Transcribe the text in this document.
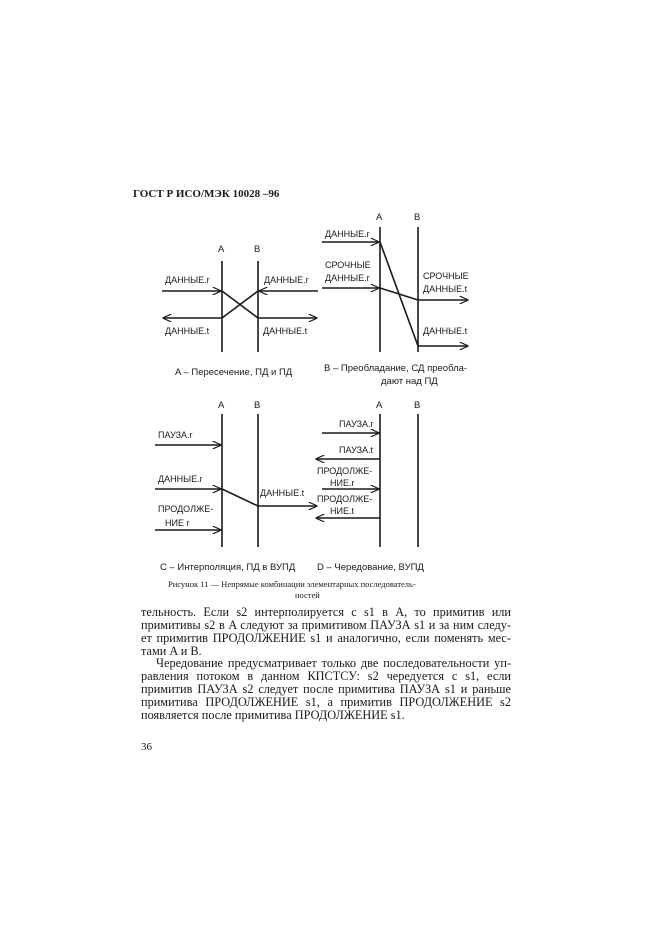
ГОСТ Р ИСО/МЭК 10028 –96
A	B
ДАННЫЕ.r	ДАННЫЕ.r
ДАННЫЕ.t	ДАННЫЕ.t
A – Пересечение, ПД и ПД
A	B
ДАННЫЕ.r
СРОЧНЫЕ
ДАННЫЕ.r	СРОЧНЫЕ
ДАННЫЕ.t
ДАННЫЕ.t
B – Преобладание, СД преобла-
дают над ПД
A	B
ПАУЗА.r
ДАННЫЕ.r
ПРОДОЛЖЕ-
НИЕ r
ДАННЫЕ.t
C – Интерполяция, ПД в ВУПД
A	B
ПАУЗА.r
ПАУЗА.t
ПРОДОЛЖЕ-
НИЕ.r
ПРОДОЛЖЕ-
НИЕ.t
D – Чередование, ВУПД
Рисунок 11 — Непрямые комбинации элементарных последователь-
ностей
тельность. Если s2 интерполируется с s1 в A, то примитив или
примитивы s2 в A следуют за примитивом ПАУЗА s1 и за ним следу-
ет примитив ПРОДОЛЖЕНИЕ s1 и аналогично, если поменять мес-
тами A и B.
Чередование предусматривает только две последовательности уп-
равления потоком в данном КПСТСУ: s2 чередуется с s1, если
примитив ПАУЗА s2 следует после примитива ПАУЗА s1 и раньше
примитива ПРОДОЛЖЕНИЕ s1, а примитив ПРОДОЛЖЕНИЕ s2
появляется после примитива ПРОДОЛЖЕНИЕ s1.
36
